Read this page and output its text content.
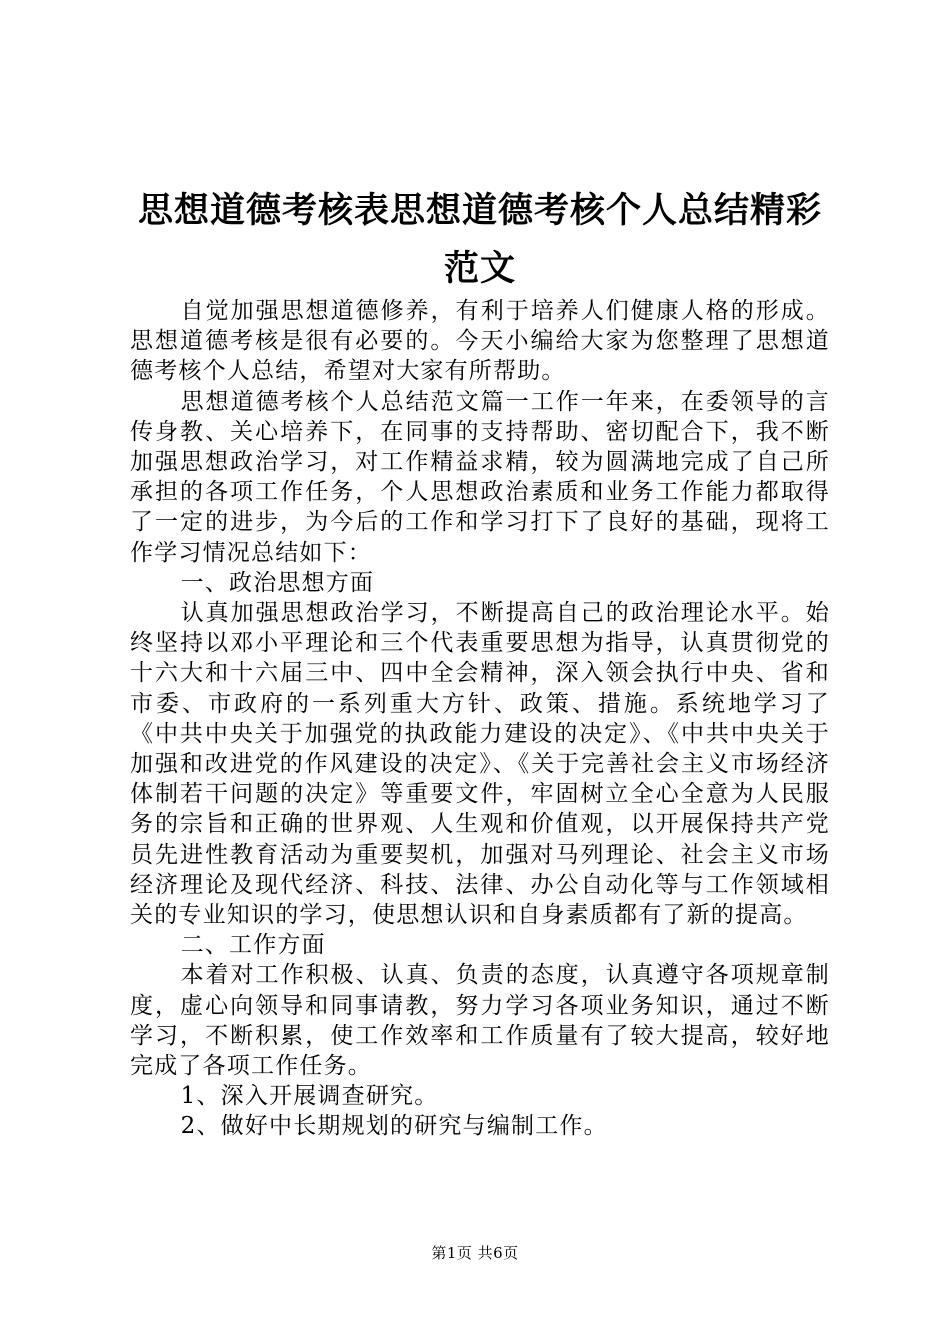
思想道德考核表思想道德考核个人总结精彩范文

自觉加强思想道德修养，有利于培养人们健康人格的形成。思想道德考核是很有必要的。今天小编给大家为您整理了思想道德考核个人总结，希望对大家有所帮助。

思想道德考核个人总结范文篇一工作一年来，在委领导的言传身教、关心培养下，在同事的支持帮助、密切配合下，我不断加强思想政治学习，对工作精益求精，较为圆满地完成了自己所承担的各项工作任务，个人思想政治素质和业务工作能力都取得了一定的进步，为今后的工作和学习打下了良好的基础，现将工作学习情况总结如下：

一、政治思想方面

认真加强思想政治学习，不断提高自己的政治理论水平。始终坚持以邓小平理论和三个代表重要思想为指导，认真贯彻党的十六大和十六届三中、四中全会精神，深入领会执行中央、省和市委、市政府的一系列重大方针、政策、措施。系统地学习了《中共中央关于加强党的执政能力建设的决定》、《中共中央关于加强和改进党的作风建设的决定》、《关于完善社会主义市场经济体制若干问题的决定》等重要文件，牢固树立全心全意为人民服务的宗旨和正确的世界观、人生观和价值观，以开展保持共产党员先进性教育活动为重要契机，加强对马列理论、社会主义市场经济理论及现代经济、科技、法律、办公自动化等与工作领域相关的专业知识的学习，使思想认识和自身素质都有了新的提高。

二、工作方面

本着对工作积极、认真、负责的态度，认真遵守各项规章制度，虚心向领导和同事请教，努力学习各项业务知识，通过不断学习，不断积累，使工作效率和工作质量有了较大提高，较好地完成了各项工作任务。

1、深入开展调查研究。

2、做好中长期规划的研究与编制工作。

第1页 共6页
